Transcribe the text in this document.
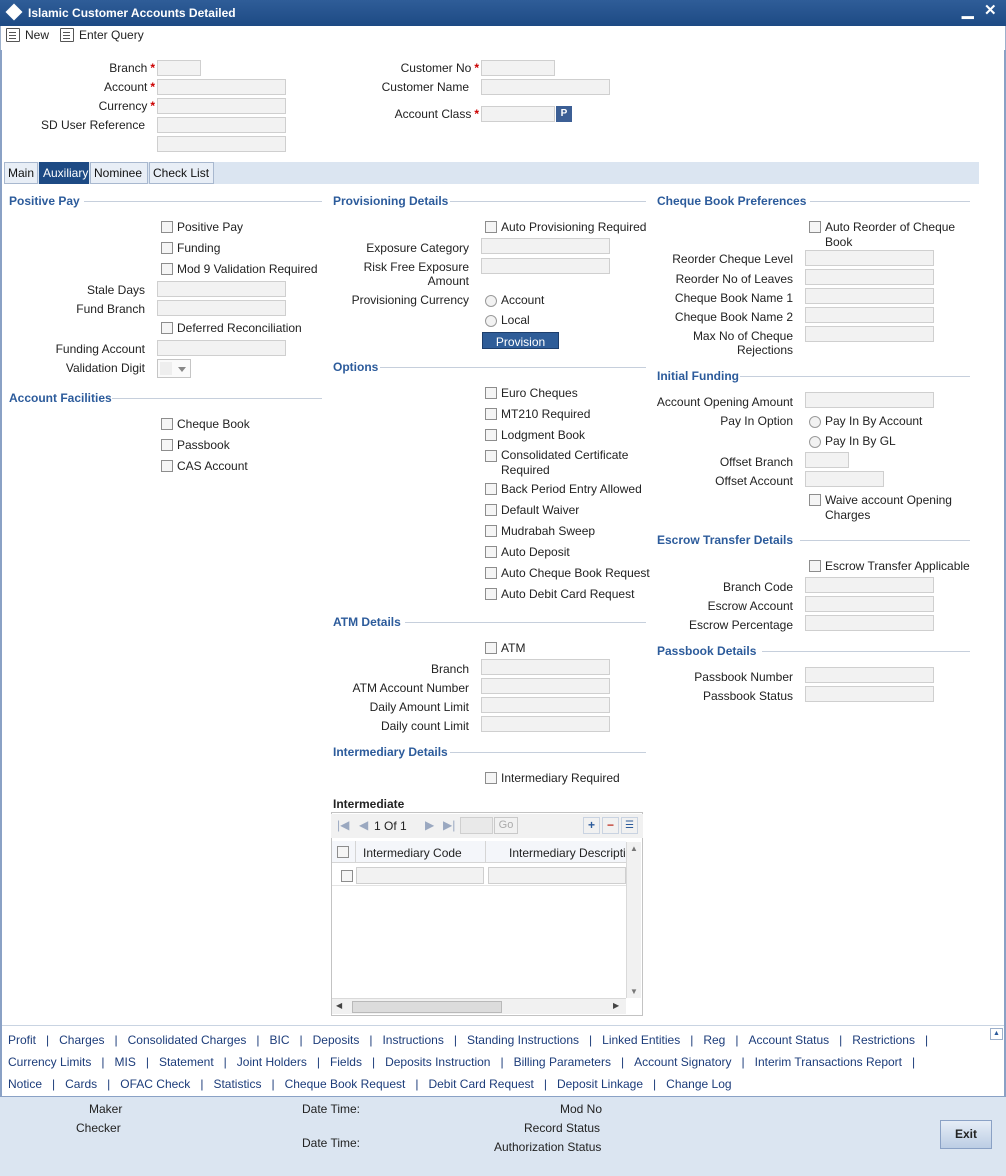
Islamic Customer Accounts Detailed	▁ ✕
New Enter Query
Branch *
Account *
Currency *
SD User Reference
Customer No *
Customer Name
Account Class *	P
Main Auxiliary Nominee Check List
Positive Pay
Positive Pay
Funding
Mod 9 Validation Required
Stale Days
Fund Branch
Deferred Reconciliation
Funding Account
Validation Digit
Account Facilities
Cheque Book
Passbook
CAS Account
Provisioning Details
Auto Provisioning Required
Exposure Category
Risk Free Exposure
Amount
Provisioning Currency	Account
Local
Provision
Options
Euro Cheques
MT210 Required
Lodgment Book
Consolidated Certificate Required
Back Period Entry Allowed
Default Waiver
Mudrabah Sweep
Auto Deposit
Auto Cheque Book Request
Auto Debit Card Request
ATM Details
ATM
Branch
ATM Account Number
Daily Amount Limit
Daily count Limit
Intermediary Details
Intermediary Required
Intermediate
|◀ ◀ 1 Of 1 ▶ ▶|	Go	+ −	☰
Intermediary Code	Intermediary Descripti ▲
▼
◀	▶
Cheque Book Preferences
Auto Reorder of Cheque
Book
Reorder Cheque Level
Reorder No of Leaves
Cheque Book Name 1
Cheque Book Name 2
Max No of Cheque
Rejections
Initial Funding
Account Opening Amount
Pay In Option	Pay In By Account
Pay In By GL
Offset Branch
Offset Account
Waive account Opening
Charges
Escrow Transfer Details
Escrow Transfer Applicable
Branch Code
Escrow Account
Escrow Percentage
Passbook Details
Passbook Number
Passbook Status
▲
Profit | Charges | Consolidated Charges | BIC | Deposits | Instructions | Standing Instructions | Linked Entities | Reg | Account Status | Restrictions |
Currency Limits | MIS | Statement | Joint Holders | Fields | Deposits Instruction | Billing Parameters | Account Signatory | Interim Transactions Report |
Notice | Cards | OFAC Check | Statistics | Cheque Book Request | Debit Card Request | Deposit Linkage | Change Log
Maker
Checker
Date Time:
Date Time:
Mod No
Record Status
Authorization Status
Exit
